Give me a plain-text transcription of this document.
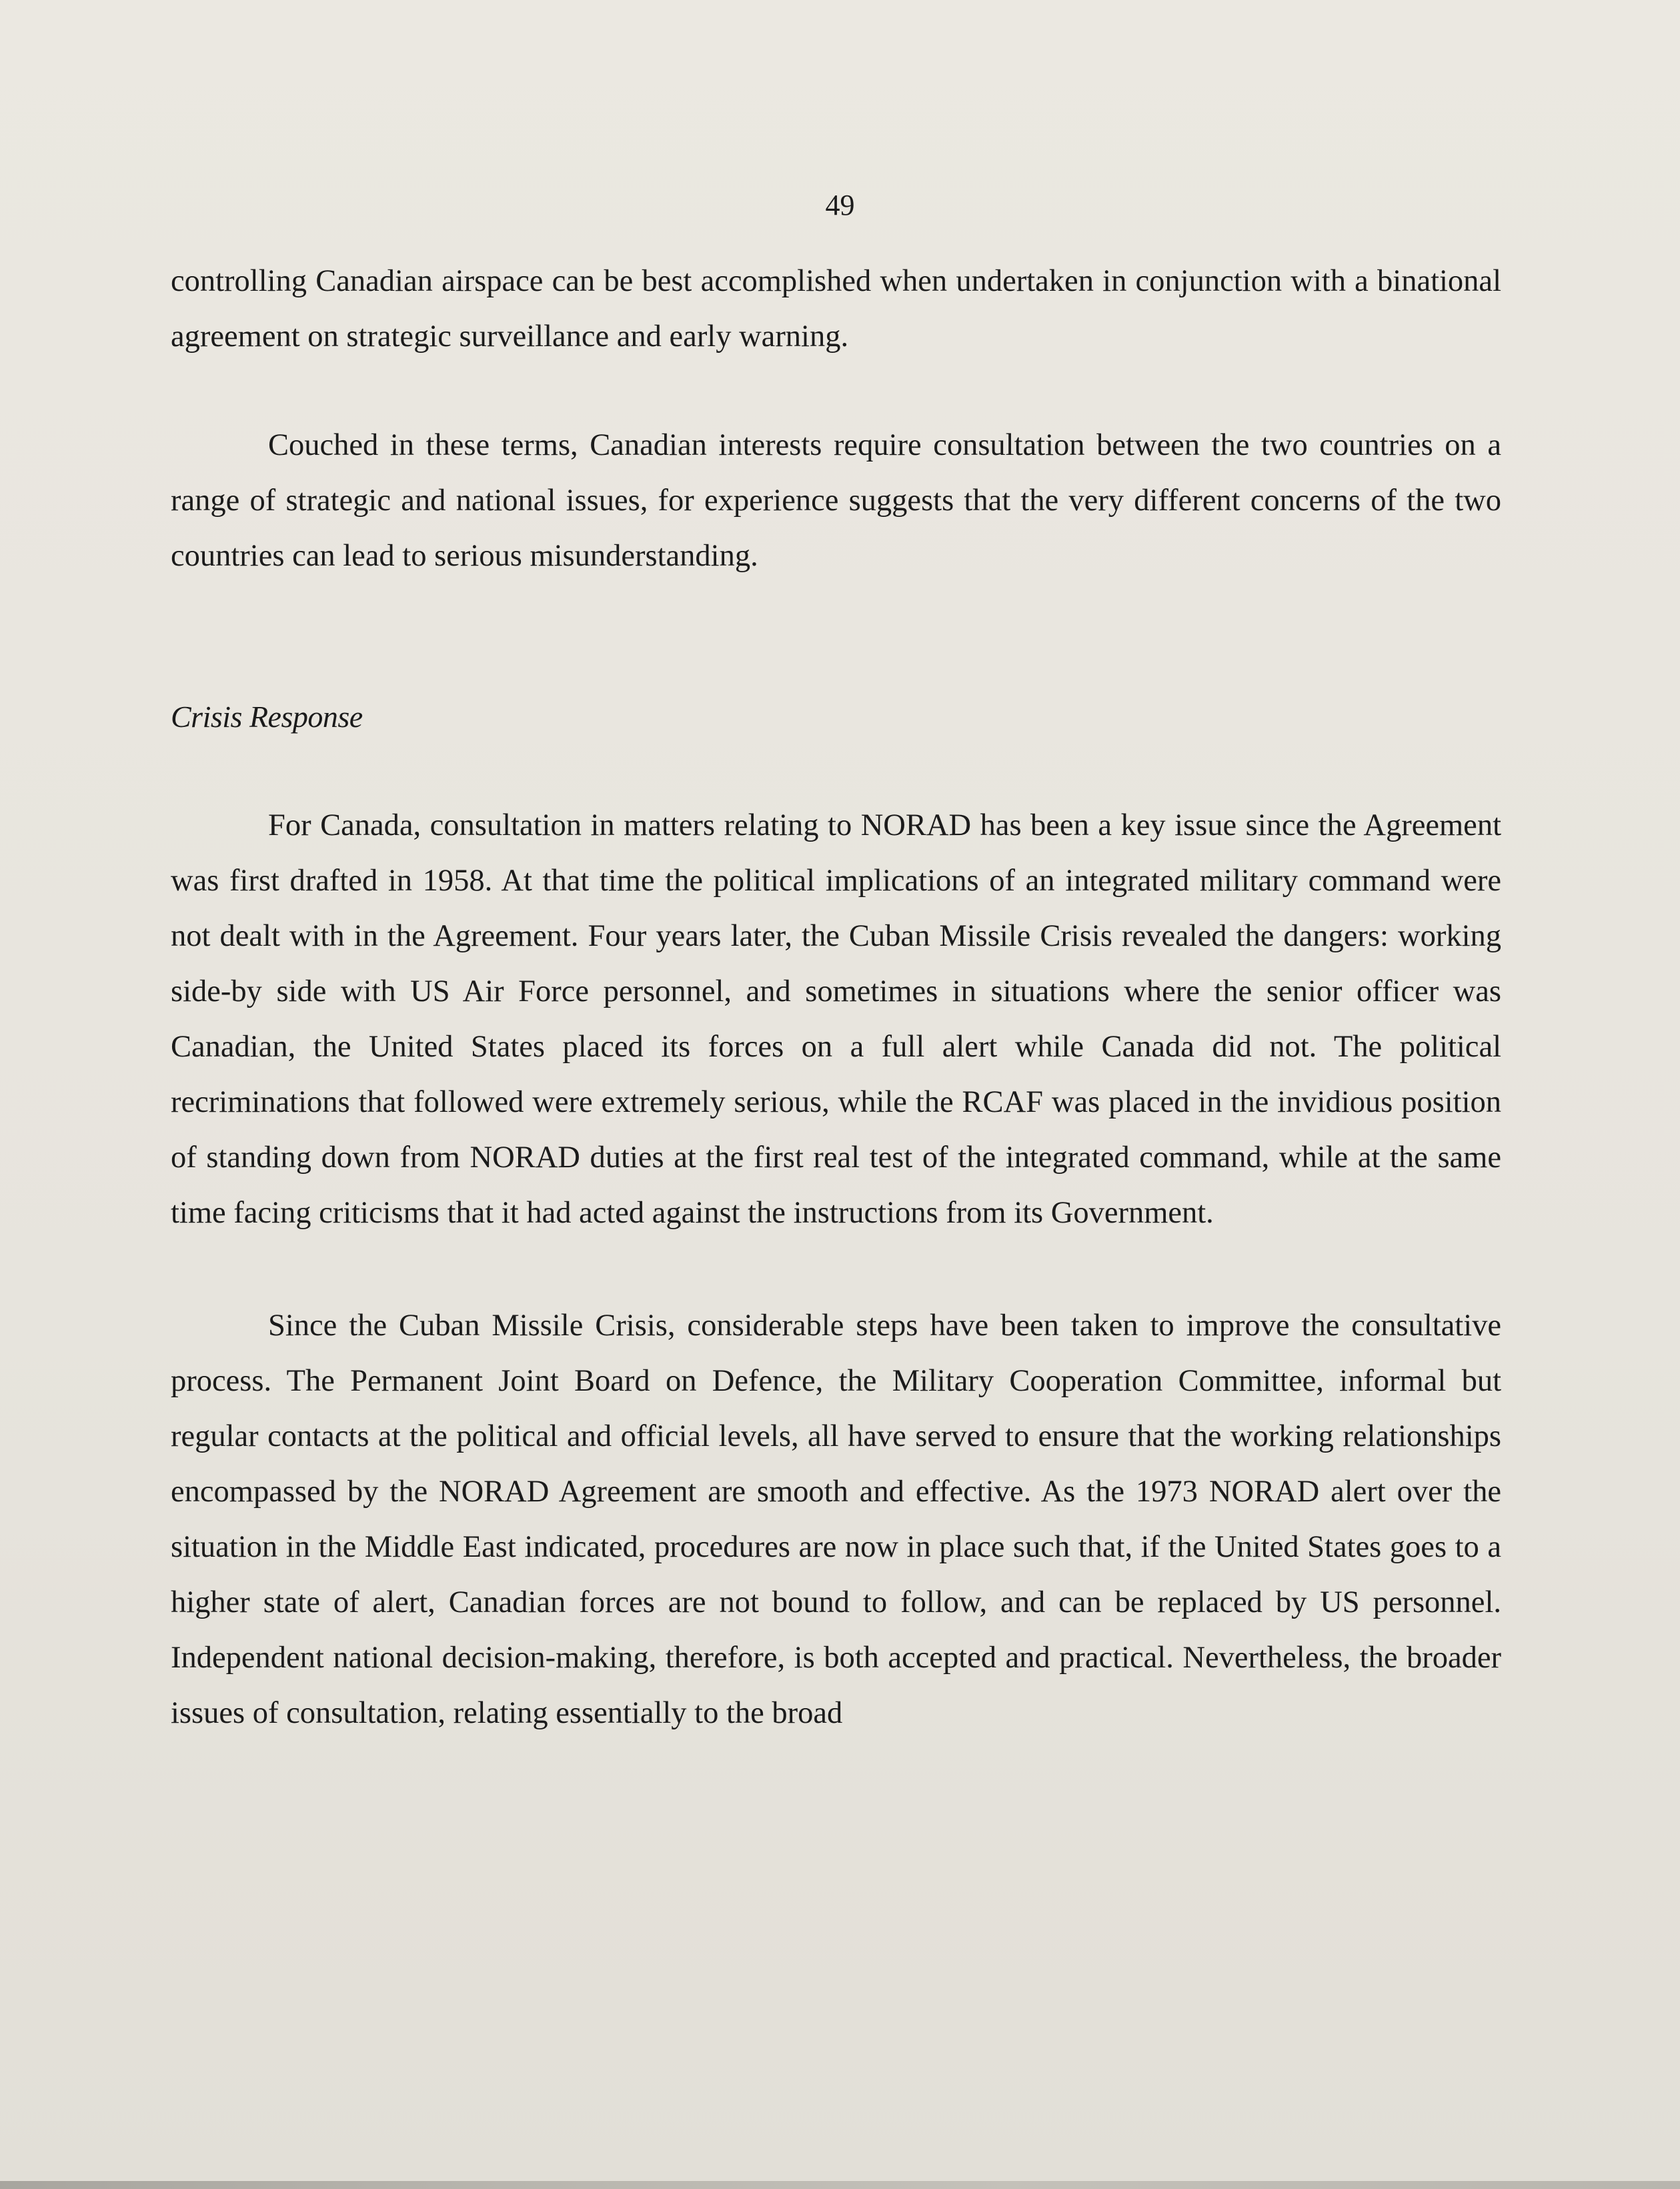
49

controlling Canadian airspace can be best accomplished when undertaken in conjunction with a binational agreement on strategic surveillance and early warning.

Couched in these terms, Canadian interests require consultation between the two countries on a range of strategic and national issues, for experience suggests that the very different concerns of the two countries can lead to serious misunderstanding.

Crisis Response

For Canada, consultation in matters relating to NORAD has been a key issue since the Agreement was first drafted in 1958. At that time the political implications of an integrated military command were not dealt with in the Agreement. Four years later, the Cuban Missile Crisis revealed the dangers: working side-by side with US Air Force personnel, and sometimes in situations where the senior officer was Canadian, the United States placed its forces on a full alert while Canada did not. The political recriminations that followed were extremely serious, while the RCAF was placed in the invidious position of standing down from NORAD duties at the first real test of the integrated command, while at the same time facing criticisms that it had acted against the instructions from its Government.

Since the Cuban Missile Crisis, considerable steps have been taken to improve the consultative process. The Permanent Joint Board on Defence, the Military Cooperation Committee, informal but regular contacts at the political and official levels, all have served to ensure that the working relationships encompassed by the NORAD Agreement are smooth and effective. As the 1973 NORAD alert over the situation in the Middle East indicated, procedures are now in place such that, if the United States goes to a higher state of alert, Canadian forces are not bound to follow, and can be replaced by US personnel. Independent national decision-making, therefore, is both accepted and practical. Nevertheless, the broader issues of consultation, relating essentially to the broad
